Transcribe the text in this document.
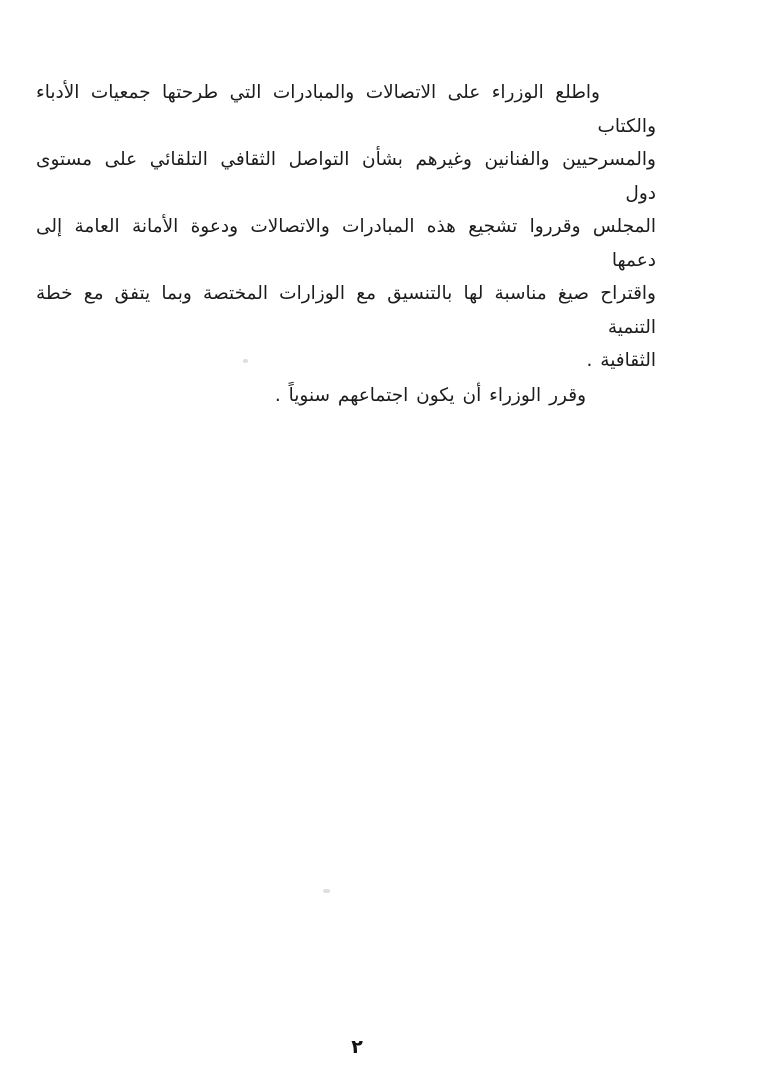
واطلع الوزراء على الاتصالات والمبادرات التي طرحتها جمعيات الأدباء والكتاب
والمسرحيين والفنانين وغيرهم بشأن التواصل الثقافي التلقائي على مستوى دول
المجلس وقرروا تشجيع هذه المبادرات والاتصالات ودعوة الأمانة العامة إلى دعمها
واقتراح صيغ مناسبة لها بالتنسيق مع الوزارات المختصة وبما يتفق مع خطة التنمية
الثقافية .
وقرر الوزراء أن يكون اجتماعهم سنوياً .
٢
